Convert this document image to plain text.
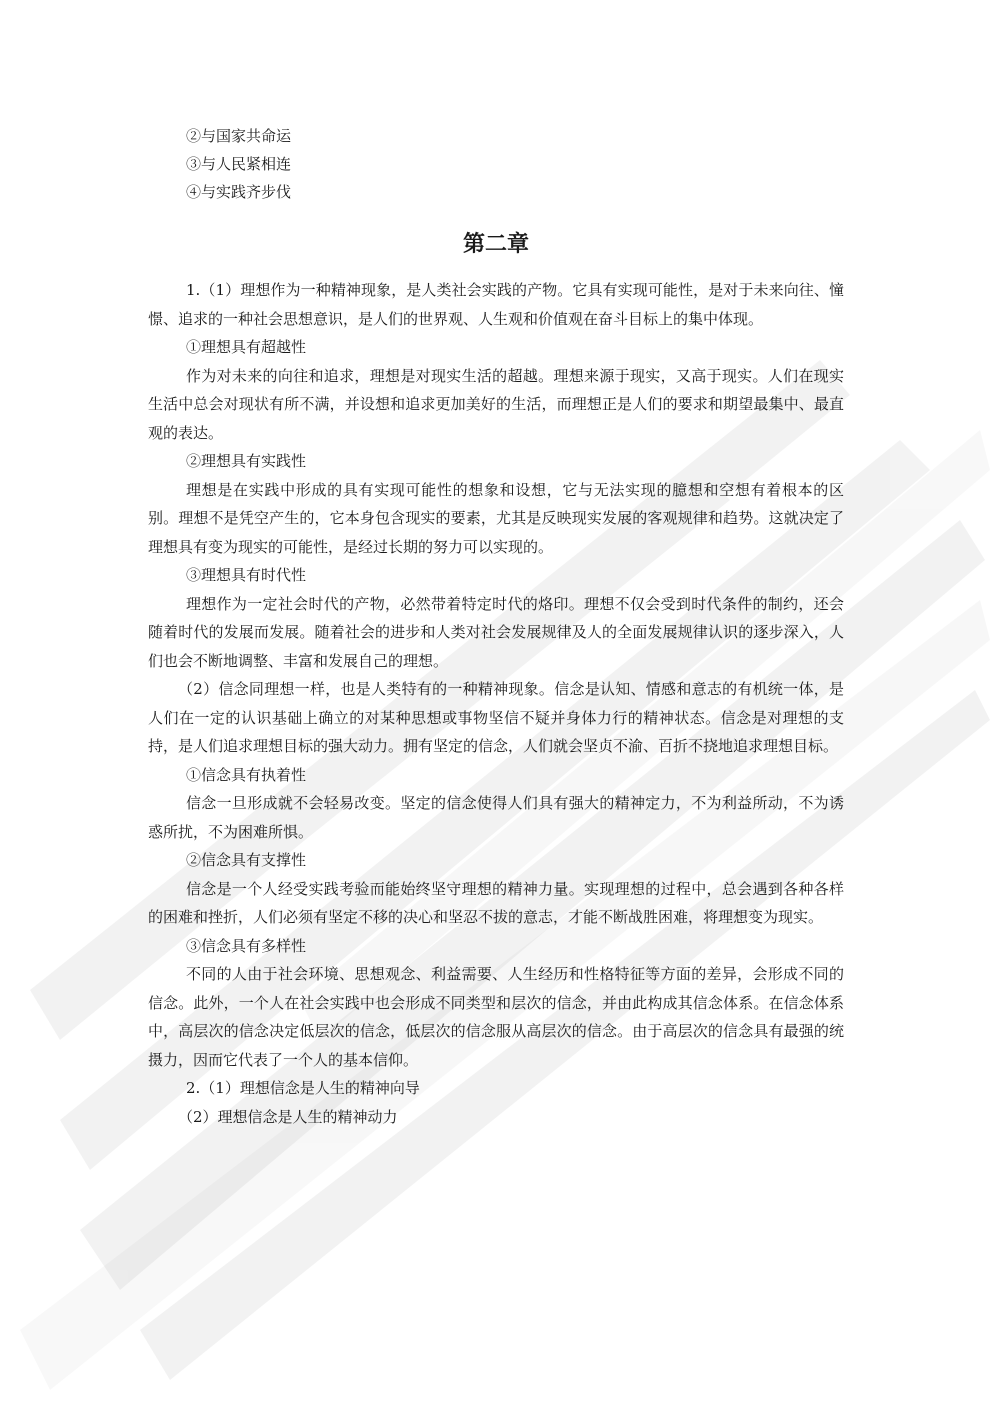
②与国家共命运

③与人民紧相连

④与实践齐步伐

第二章

1.（1）理想作为一种精神现象，是人类社会实践的产物。它具有实现可能性，是对于未来向往、憧憬、追求的一种社会思想意识，是人们的世界观、人生观和价值观在奋斗目标上的集中体现。

①理想具有超越性

作为对未来的向往和追求，理想是对现实生活的超越。理想来源于现实，又高于现实。人们在现实生活中总会对现状有所不满，并设想和追求更加美好的生活，而理想正是人们的要求和期望最集中、最直观的表达。

②理想具有实践性

理想是在实践中形成的具有实现可能性的想象和设想，它与无法实现的臆想和空想有着根本的区别。理想不是凭空产生的，它本身包含现实的要素，尤其是反映现实发展的客观规律和趋势。这就决定了理想具有变为现实的可能性，是经过长期的努力可以实现的。

③理想具有时代性

理想作为一定社会时代的产物，必然带着特定时代的烙印。理想不仅会受到时代条件的制约，还会随着时代的发展而发展。随着社会的进步和人类对社会发展规律及人的全面发展规律认识的逐步深入，人们也会不断地调整、丰富和发展自己的理想。

（2）信念同理想一样，也是人类特有的一种精神现象。信念是认知、情感和意志的有机统一体，是人们在一定的认识基础上确立的对某种思想或事物坚信不疑并身体力行的精神状态。信念是对理想的支持，是人们追求理想目标的强大动力。拥有坚定的信念，人们就会坚贞不渝、百折不挠地追求理想目标。

①信念具有执着性

信念一旦形成就不会轻易改变。坚定的信念使得人们具有强大的精神定力，不为利益所动，不为诱惑所扰，不为困难所惧。

②信念具有支撑性

信念是一个人经受实践考验而能始终坚守理想的精神力量。实现理想的过程中，总会遇到各种各样的困难和挫折，人们必须有坚定不移的决心和坚忍不拔的意志，才能不断战胜困难，将理想变为现实。

③信念具有多样性

不同的人由于社会环境、思想观念、利益需要、人生经历和性格特征等方面的差异，会形成不同的信念。此外，一个人在社会实践中也会形成不同类型和层次的信念，并由此构成其信念体系。在信念体系中，高层次的信念决定低层次的信念，低层次的信念服从高层次的信念。由于高层次的信念具有最强的统摄力，因而它代表了一个人的基本信仰。

2.（1）理想信念是人生的精神向导

（2）理想信念是人生的精神动力
